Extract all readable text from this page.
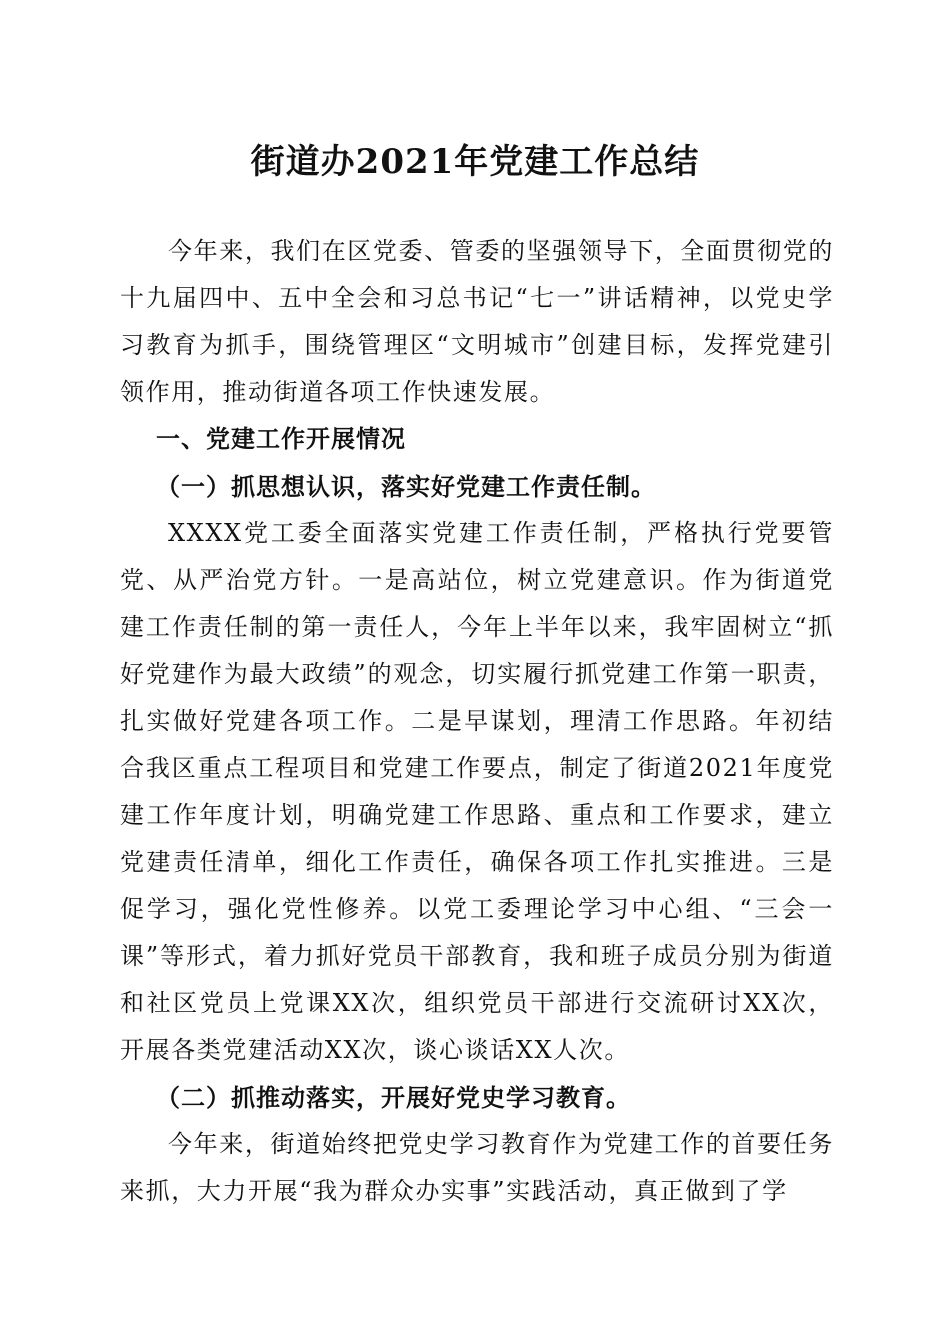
街道办2021年党建工作总结

今年来，我们在区党委、管委的坚强领导下，全面贯彻党的十九届四中、五中全会和习总书记“七一”讲话精神，以党史学习教育为抓手，围绕管理区“文明城市”创建目标，发挥党建引领作用，推动街道各项工作快速发展。

一、党建工作开展情况

（一）抓思想认识，落实好党建工作责任制。

XXXX党工委全面落实党建工作责任制，严格执行党要管党、从严治党方针。一是高站位，树立党建意识。作为街道党建工作责任制的第一责任人，今年上半年以来，我牢固树立“抓好党建作为最大政绩”的观念，切实履行抓党建工作第一职责，扎实做好党建各项工作。二是早谋划，理清工作思路。年初结合我区重点工程项目和党建工作要点，制定了街道2021年度党建工作年度计划，明确党建工作思路、重点和工作要求，建立党建责任清单，细化工作责任，确保各项工作扎实推进。三是促学习，强化党性修养。以党工委理论学习中心组、“三会一课”等形式，着力抓好党员干部教育，我和班子成员分别为街道和社区党员上党课XX次，组织党员干部进行交流研讨XX次，开展各类党建活动XX次，谈心谈话XX人次。

（二）抓推动落实，开展好党史学习教育。

今年来，街道始终把党史学习教育作为党建工作的首要任务来抓，大力开展“我为群众办实事”实践活动，真正做到了学
